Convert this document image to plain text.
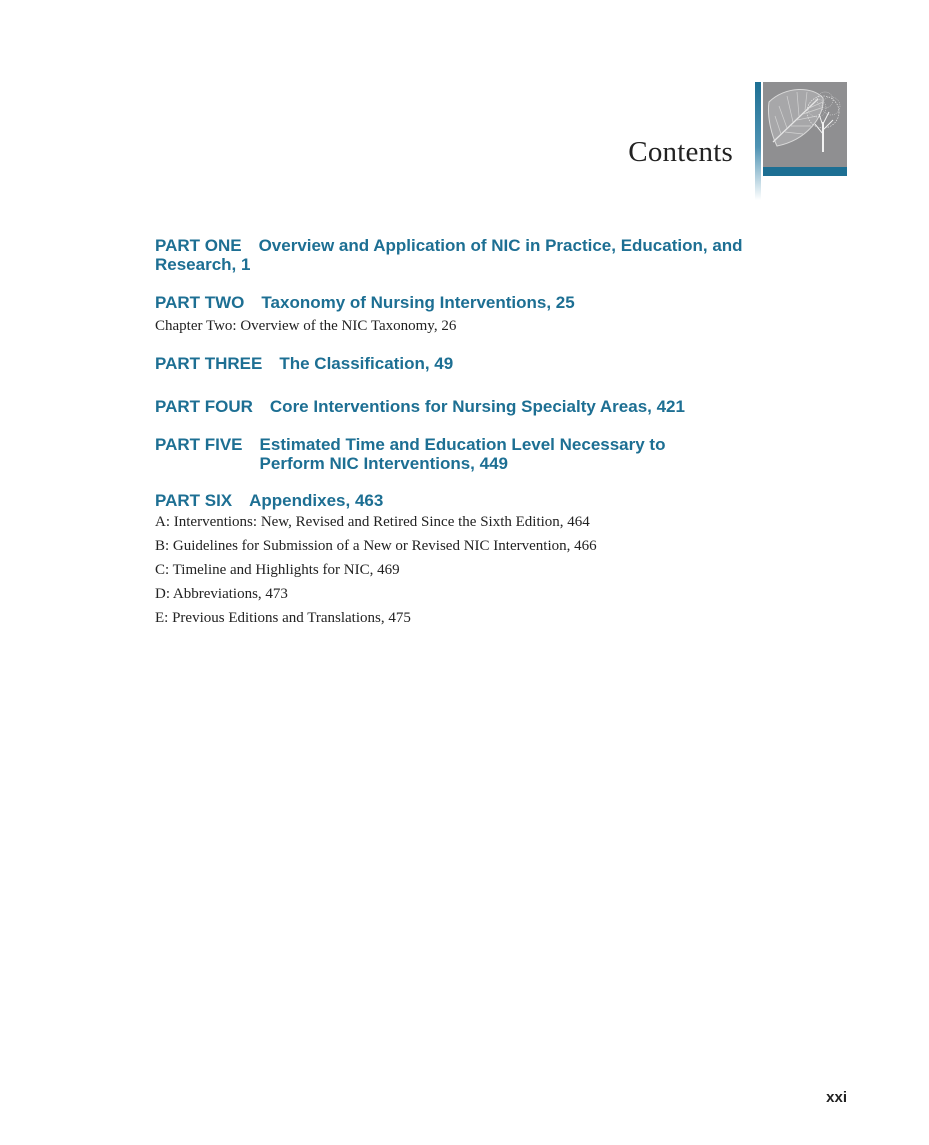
Contents
PART ONE Overview and Application of NIC in Practice, Education, and Research, 1
PART TWO Taxonomy of Nursing Interventions, 25
Chapter Two: Overview of the NIC Taxonomy, 26
PART THREE The Classification, 49
PART FOUR Core Interventions for Nursing Specialty Areas, 421
PART FIVE Estimated Time and Education Level Necessary to Perform NIC Interventions, 449
PART SIX Appendixes, 463
A: Interventions: New, Revised and Retired Since the Sixth Edition, 464
B: Guidelines for Submission of a New or Revised NIC Intervention, 466
C: Timeline and Highlights for NIC, 469
D: Abbreviations, 473
E: Previous Editions and Translations, 475
xxi
